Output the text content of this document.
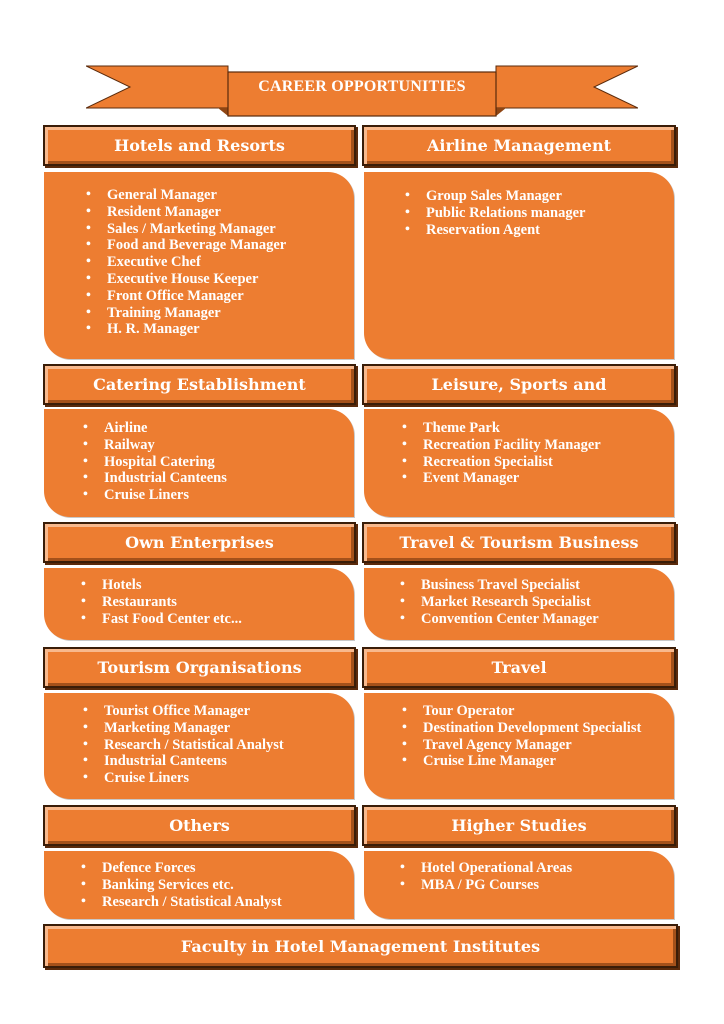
CAREER OPPORTUNITIES
Hotels and Resorts	Airline Management
• General Manager
• Resident Manager
• Sales / Marketing Manager
• Food and Beverage Manager
• Executive Chef
• Executive House Keeper
• Front Office Manager
• Training Manager
• H. R. Manager
• Group Sales Manager
• Public Relations manager
• Reservation Agent
Catering Establishment	Leisure, Sports and
• Airline
• Railway
• Hospital Catering
• Industrial Canteens
• Cruise Liners
• Theme Park
• Recreation Facility Manager
• Recreation Specialist
• Event Manager
Own Enterprises	Travel & Tourism Business
• Hotels
• Restaurants
• Fast Food Center etc...
• Business Travel Specialist
• Market Research Specialist
• Convention Center Manager
Tourism Organisations	Travel
• Tourist Office Manager
• Marketing Manager
• Research / Statistical Analyst
• Industrial Canteens
• Cruise Liners
• Tour Operator
• Destination Development Specialist
• Travel Agency Manager
• Cruise Line Manager
Others	Higher Studies
• Defence Forces
• Banking Services etc.
• Research / Statistical Analyst
• Hotel Operational Areas
• MBA / PG Courses
Faculty in Hotel Management Institutes
